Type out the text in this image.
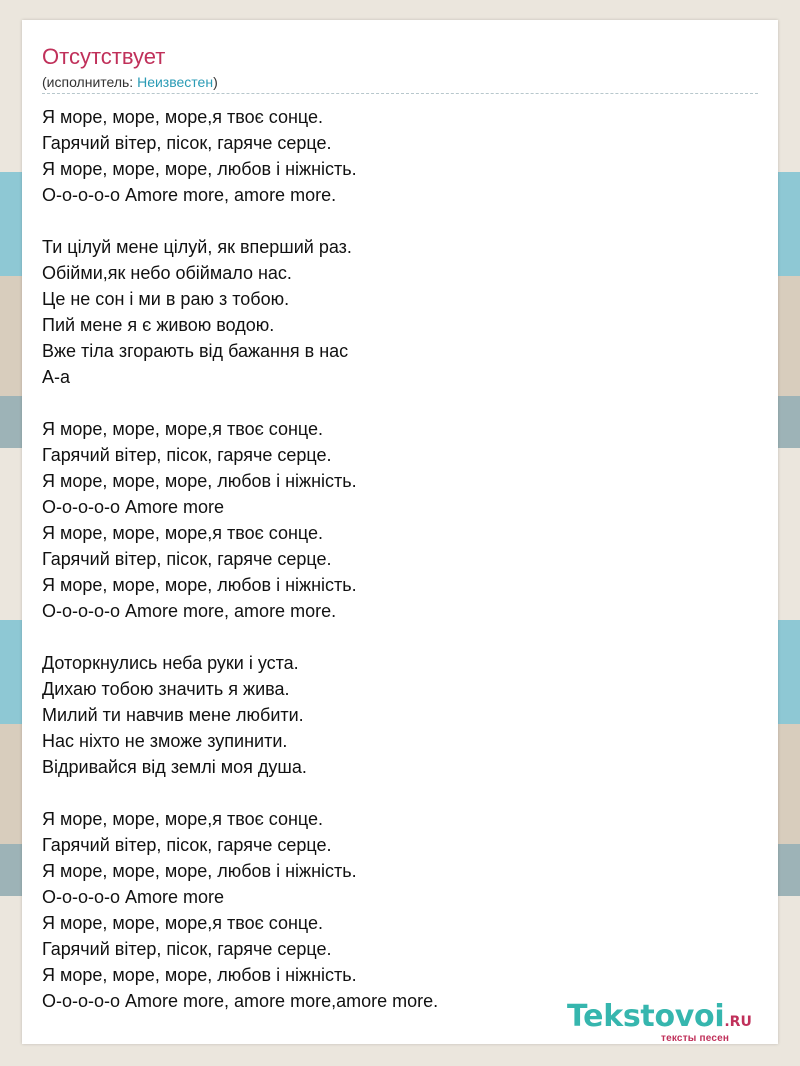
Отсутствует
(исполнитель: Неизвестен)
Я море, море, море,я твоє сонце.
Гарячий вітер, пісок, гаряче серце.
Я море, море, море, любов і ніжність.
О-о-о-о-о Amore more, amore more.
Ти цілуй мене цілуй, як вперший раз.
Обійми,як небо обіймало нас.
Це не сон і ми в раю з тобою.
Пий мене я є живою водою.
Вже тіла згорають від бажання в нас
А-а
Я море, море, море,я твоє сонце.
Гарячий вітер, пісок, гаряче серце.
Я море, море, море, любов і ніжність.
О-о-о-о-о Amore more
Я море, море, море,я твоє сонце.
Гарячий вітер, пісок, гаряче серце.
Я море, море, море, любов і ніжність.
О-о-о-о-о Amore more, amore more.
Доторкнулись неба руки і уста.
Дихаю тобою значить я жива.
Милий ти навчив мене любити.
Нас ніхто не зможе зупинити.
Відривайся від землі моя душа.
Я море, море, море,я твоє сонце.
Гарячий вітер, пісок, гаряче серце.
Я море, море, море, любов і ніжність.
О-о-о-о-о Amore more
Я море, море, море,я твоє сонце.
Гарячий вітер, пісок, гаряче серце.
Я море, море, море, любов і ніжність.
О-о-о-о-о Amore more, amore more,amore more.	Tekstovoi.RU
тексты песен
